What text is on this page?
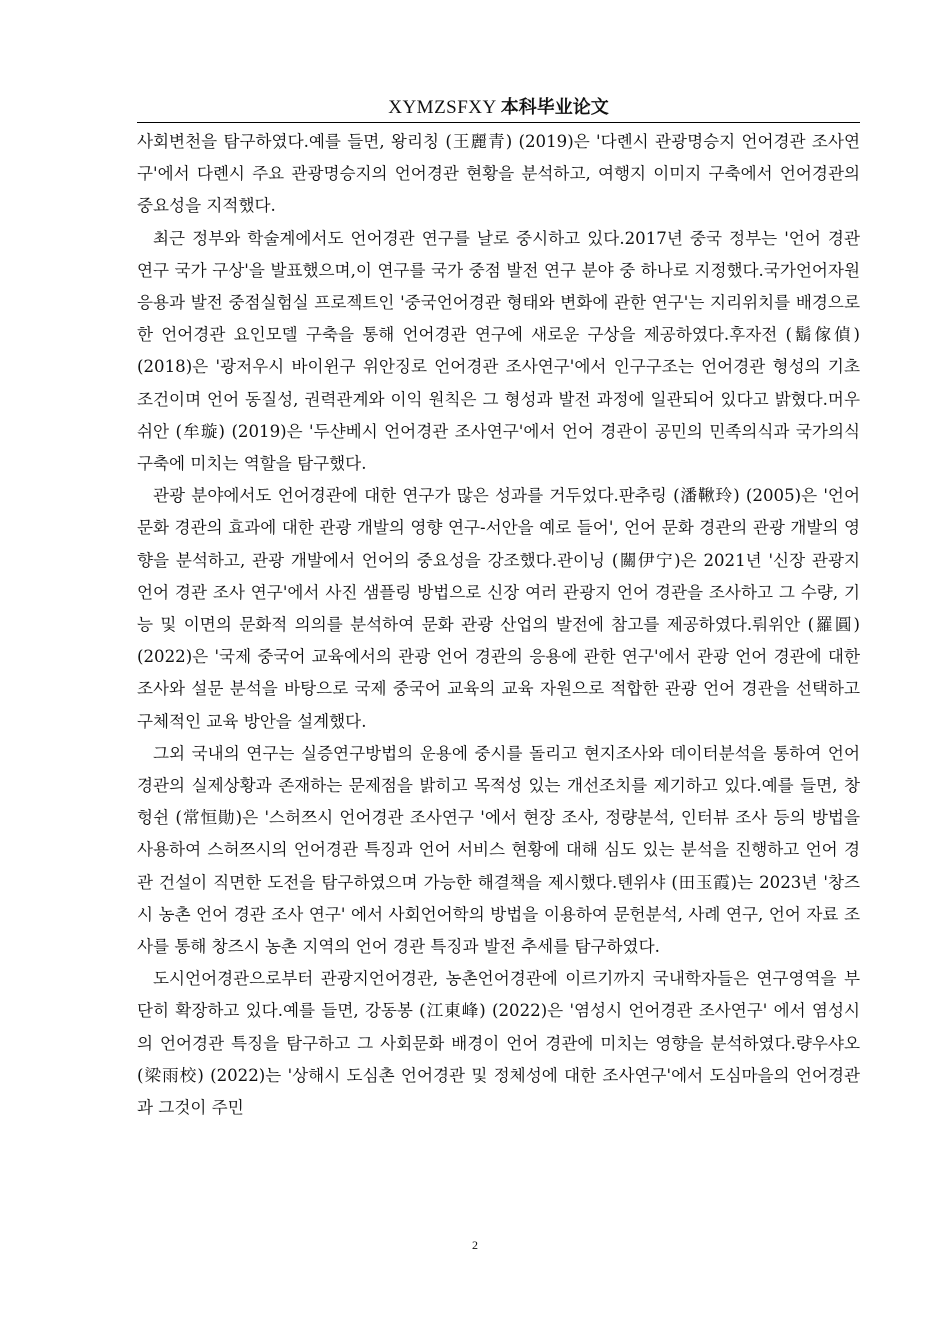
XYMZSFXY 本科毕业论文

사회변천을 탐구하였다.예를 들면, 왕리칭 (王麗青) (2019)은 '다롄시 관광명승지 언어경관 조사연구'에서 다롄시 주요 관광명승지의 언어경관 현황을 분석하고, 여행지 이미지 구축에서 언어경관의 중요성을 지적했다.

최근 정부와 학술계에서도 언어경관 연구를 날로 중시하고 있다.2017년 중국 정부는 '언어 경관 연구 국가 구상'을 발표했으며,이 연구를 국가 중점 발전 연구 분야 중 하나로 지정했다.국가언어자원 응용과 발전 중점실험실 프로젝트인 '중국언어경관 형태와 변화에 관한 연구'는 지리위치를 배경으로 한 언어경관 요인모델 구축을 통해 언어경관 연구에 새로운 구상을 제공하였다.후자전 (鬍傢偵) (2018)은 '광저우시 바이윈구 위안징로 언어경관 조사연구'에서 인구구조는 언어경관 형성의 기초 조건이며 언어 동질성, 권력관계와 이익 원칙은 그 형성과 발전 과정에 일관되어 있다고 밝혔다.머우쉬안 (牟璇) (2019)은 '두샨베시 언어경관 조사연구'에서 언어 경관이 공민의 민족의식과 국가의식 구축에 미치는 역할을 탐구했다.

관광 분야에서도 언어경관에 대한 연구가 많은 성과를 거두었다.판추링 (潘鞦玲) (2005)은 '언어 문화 경관의 효과에 대한 관광 개발의 영향 연구-서안을 예로 들어', 언어 문화 경관의 관광 개발의 영향을 분석하고, 관광 개발에서 언어의 중요성을 강조했다.관이닝 (關伊宁)은 2021년 '신장 관광지 언어 경관 조사 연구'에서 사진 샘플링 방법으로 신장 여러 관광지 언어 경관을 조사하고 그 수량, 기능 및 이면의 문화적 의의를 분석하여 문화 관광 산업의 발전에 참고를 제공하였다.뤄위안 (羅圓) (2022)은 '국제 중국어 교육에서의 관광 언어 경관의 응용에 관한 연구'에서 관광 언어 경관에 대한 조사와 설문 분석을 바탕으로 국제 중국어 교육의 교육 자원으로 적합한 관광 언어 경관을 선택하고 구체적인 교육 방안을 설계했다.

그외 국내의 연구는 실증연구방법의 운용에 중시를 돌리고 현지조사와 데이터분석을 통하여 언어경관의 실제상황과 존재하는 문제점을 밝히고 목적성 있는 개선조치를 제기하고 있다.예를 들면, 창헝쉰 (常恒勛)은 '스허쯔시 언어경관 조사연구 '에서 현장 조사, 정량분석, 인터뷰 조사 등의 방법을 사용하여 스허쯔시의 언어경관 특징과 언어 서비스 현황에 대해 심도 있는 분석을 진행하고 언어 경관 건설이 직면한 도전을 탐구하였으며 가능한 해결책을 제시했다.톈위샤 (田玉霞)는 2023년 '창즈시 농촌 언어 경관 조사 연구' 에서 사회언어학의 방법을 이용하여 문헌분석, 사례 연구, 언어 자료 조사를 통해 창즈시 농촌 지역의 언어 경관 특징과 발전 추세를 탐구하였다.

도시언어경관으로부터 관광지언어경관, 농촌언어경관에 이르기까지 국내학자들은 연구영역을 부단히 확장하고 있다.예를 들면, 강동봉 (江東峰) (2022)은 '염성시 언어경관 조사연구' 에서 염성시의 언어경관 특징을 탐구하고 그 사회문화 배경이 언어 경관에 미치는 영향을 분석하였다.량우샤오 (梁雨校) (2022)는 '상해시 도심촌 언어경관 및 정체성에 대한 조사연구'에서 도심마을의 언어경관과 그것이 주민

2
